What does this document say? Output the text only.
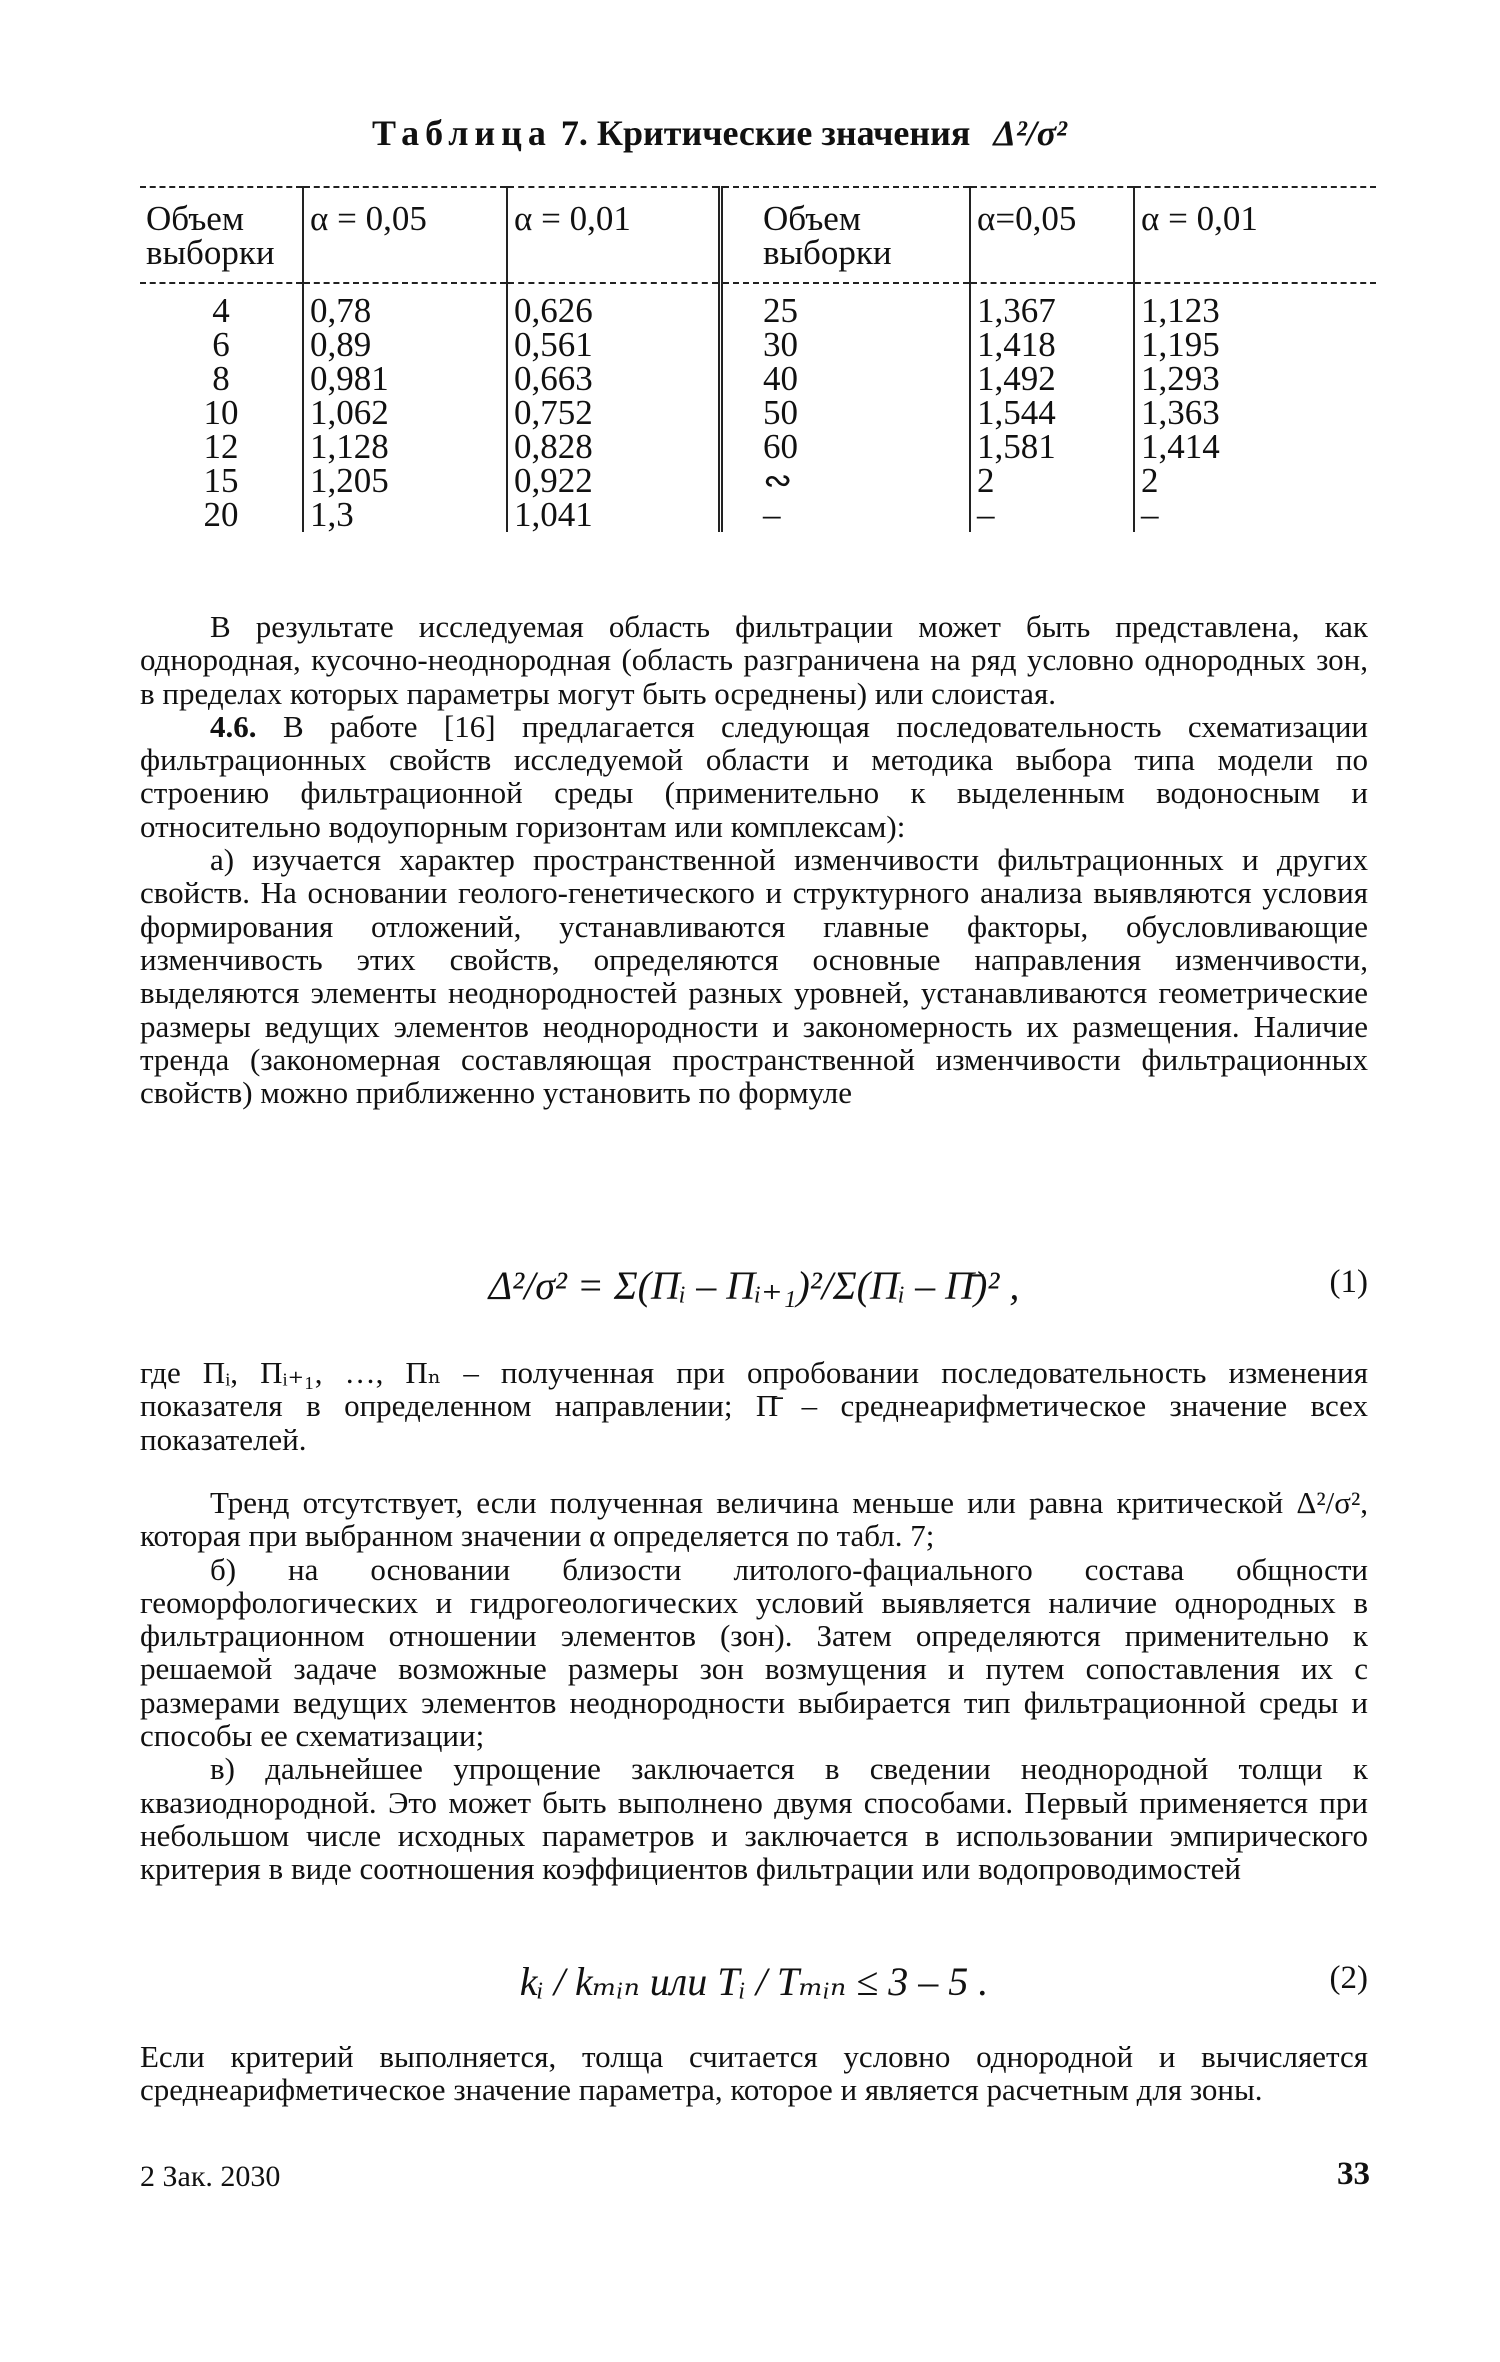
Таблица 7. Критические значения Δ²/σ²
Объем выборки	α = 0,05	α = 0,01	Объем выборки	α=0,05	α = 0,01
4	0,78	0,626	25	1,367	1,123
6	0,89	0,561	30	1,418	1,195
8	0,981	0,663	40	1,492	1,293
10	1,062	0,752	50	1,544	1,363
12	1,128	0,828	60	1,581	1,414
15	1,205	0,922	∾	2	2
20	1,3	1,041	–	–	–

В результате исследуемая область фильтрации может быть представлена, как однородная, кусочно-неоднородная (область разграничена на ряд условно однородных зон, в пределах которых параметры могут быть осреднены) или слоистая.

4.6. В работе [16] предлагается следующая последовательность схематизации фильтрационных свойств исследуемой области и методика выбора типа модели по строению фильтрационной среды (применительно к выделенным водоносным и относительно водоупорным горизонтам или комплексам):

а) изучается характер пространственной изменчивости фильтрационных и других свойств. На основании геолого-генетического и структурного анализа выявляются условия формирования отложений, устанавливаются главные факторы, обусловливающие изменчивость этих свойств, определяются основные направления изменчивости, выделяются элементы неоднородностей разных уровней, устанавливаются геометрические размеры ведущих элементов неоднородности и закономерность их размещения. Наличие тренда (закономерная составляющая пространственной изменчивости фильтрационных свойств) можно приближенно установить по формуле

Δ²/σ² = Σ(Пᵢ – Пᵢ₊₁)²/Σ(Пᵢ – П̄)² ,	(1)

где Пᵢ, Пᵢ₊₁, …, Пₙ – полученная при опробовании последовательность изменения показателя в определенном направлении; П̄ – среднеарифметическое значение всех показателей.

Тренд отсутствует, если полученная величина меньше или равна критической Δ²/σ², которая при выбранном значении α определяется по табл. 7;

б) на основании близости литолого-фациального состава общности геоморфологических и гидрогеологических условий выявляется наличие однородных в фильтрационном отношении элементов (зон). Затем определяются применительно к решаемой задаче возможные размеры зон возмущения и путем сопоставления их с размерами ведущих элементов неоднородности выбирается тип фильтрационной среды и способы ее схематизации;

в) дальнейшее упрощение заключается в сведении неоднородной толщи к квазиоднородной. Это может быть выполнено двумя способами. Первый применяется при небольшом числе исходных параметров и заключается в использовании эмпирического критерия в виде соотношения коэффициентов фильтрации или водопроводимостей

kᵢ / kₘᵢₙ или Tᵢ / Tₘᵢₙ ≤ 3 – 5 .	(2)

Если критерий выполняется, толща считается условно однородной и вычисляется среднеарифметическое значение параметра, которое и является расчетным для зоны.

2 Зак. 2030	33
